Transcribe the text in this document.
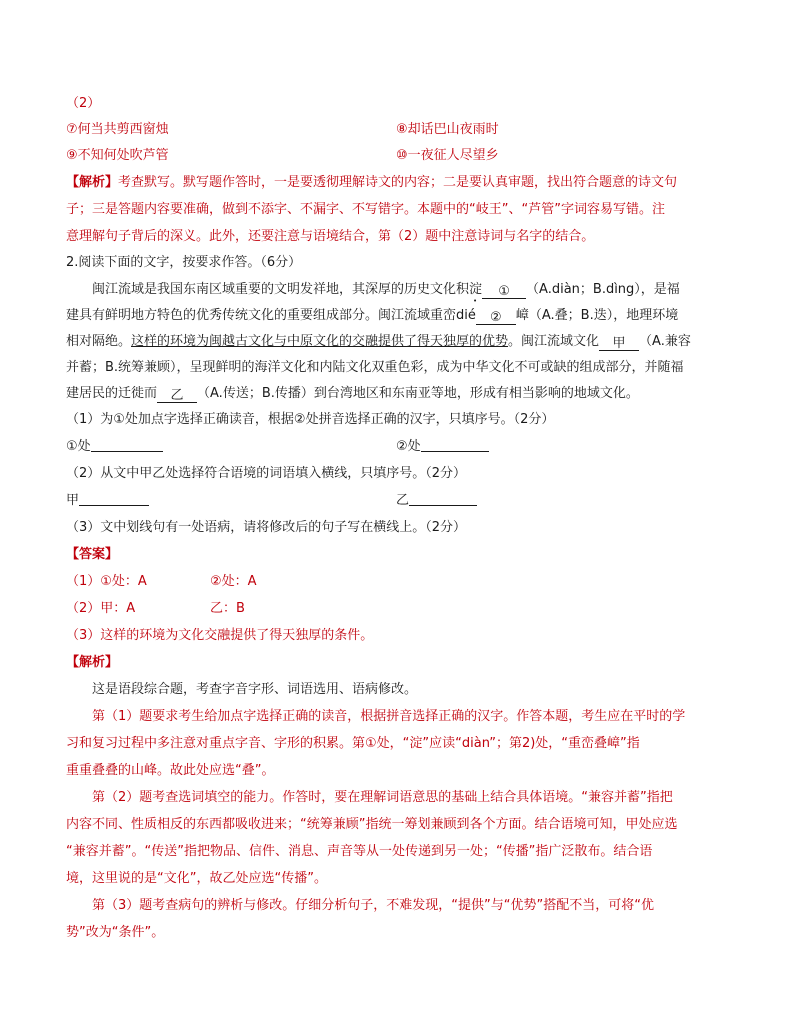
（2）
⑦何当共剪西窗烛	⑧却话巴山夜雨时
⑨不知何处吹芦管	⑩一夜征人尽望乡
【解析】考查默写。默写题作答时，一是要透彻理解诗文的内容；二是要认真审题，找出符合题意的诗文句
子；三是答题内容要准确，做到不添字、不漏字、不写错字。本题中的“岐王”、“芦管”字词容易写错。注
意理解句子背后的深义。此外，还要注意与语境结合，第（2）题中注意诗词与名字的结合。
2.阅读下面的文字，按要求作答。（6分）
闽江流域是我国东南区域重要的文明发祥地，其深厚的历史文化积淀 ① （A.diàn；B.dìng），是福
建具有鲜明地方特色的优秀传统文化的重要组成部分。闽江流域重峦dié ② 嶂（A.叠；B.迭），地理环境
相对隔绝。这样的环境为闽越古文化与中原文化的交融提供了得天独厚的优势。闽江流域文化 甲 （A.兼容
并蓄；B.统筹兼顾），呈现鲜明的海洋文化和内陆文化双重色彩，成为中华文化不可或缺的组成部分，并随福
建居民的迁徙而 乙 （A.传送；B.传播）到台湾地区和东南亚等地，形成有相当影响的地域文化。
（1）为①处加点字选择正确读音，根据②处拼音选择正确的汉字，只填序号。（2分）
①处	②处
（2）从文中甲乙处选择符合语境的词语填入横线，只填序号。（2分）
甲	乙
（3）文中划线句有一处语病，请将修改后的句子写在横线上。（2分）
【答案】
（1）①处：A	②处：A
（2）甲：A	乙：B
（3）这样的环境为文化交融提供了得天独厚的条件。
【解析】
这是语段综合题，考查字音字形、词语选用、语病修改。
第（1）题要求考生给加点字选择正确的读音，根据拼音选择正确的汉字。作答本题，考生应在平时的学
习和复习过程中多注意对重点字音、字形的积累。第①处，“淀”应读“diàn”；第2)处，“重峦叠嶂”指
重重叠叠的山峰。故此处应选“叠”。
第（2）题考查选词填空的能力。作答时，要在理解词语意思的基础上结合具体语境。“兼容并蓄”指把
内容不同、性质相反的东西都吸收进来；“统筹兼顾”指统一筹划兼顾到各个方面。结合语境可知，甲处应选
“兼容并蓄”。“传送”指把物品、信件、消息、声音等从一处传递到另一处；“传播”指广泛散布。结合语
境，这里说的是“文化”，故乙处应选“传播”。
第（3）题考查病句的辨析与修改。仔细分析句子，不难发现，“提供”与“优势”搭配不当，可将“优
势”改为“条件”。
